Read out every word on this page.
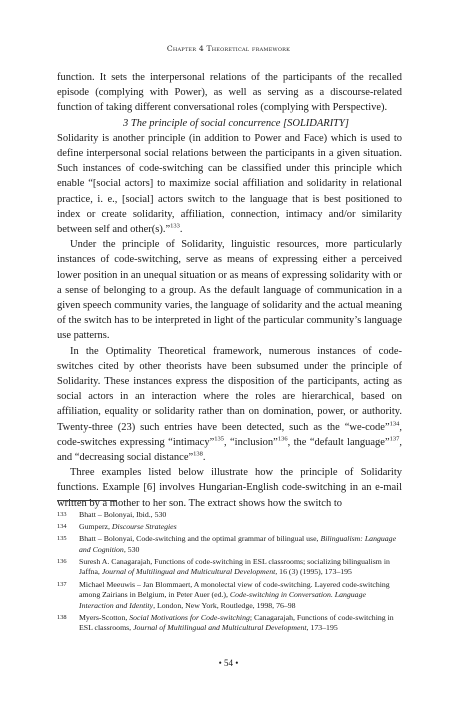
Chapter 4 Theoretical framework

function. It sets the interpersonal relations of the participants of the recalled episode (complying with Power), as well as serving as a discourse-related function of taking different conversational roles (complying with Perspective).

3 The principle of social concurrence [SOLIDARITY]

Solidarity is another principle (in addition to Power and Face) which is used to define interpersonal social relations between the participants in a given situation. Such instances of code-switching can be classified under this principle which enable “[social actors] to maximize social affiliation and solidarity in relational practice, i. e., [social] actors switch to the language that is best positioned to index or create solidarity, affiliation, connection, intimacy and/or similarity between self and other(s).”$^{133}$.

Under the principle of Solidarity, linguistic resources, more particularly instances of code-switching, serve as means of expressing either a perceived lower position in an unequal situation or as means of expressing solidarity with or a sense of belonging to a group. As the default language of communication in a given speech community varies, the language of solidarity and the actual meaning of the switch has to be interpreted in light of the particular community’s language use patterns.

In the Optimality Theoretical framework, numerous instances of code-switches cited by other theorists have been subsumed under the principle of Solidarity. These instances express the disposition of the participants, acting as social actors in an interaction where the roles are hierarchical, based on affiliation, equality or solidarity rather than on domination, power, or authority. Twenty-three (23) such entries have been detected, such as the “we-code”$^{134}$, code-switches expressing “intimacy”$^{135}$, “inclusion”$^{136}$, the “default language”$^{137}$, and “decreasing social distance”$^{138}$.

Three examples listed below illustrate how the principle of Solidarity functions. Example [6] involves Hungarian-English code-switching in an e-mail written by a mother to her son. The extract shows how the switch to

133 Bhatt – Bolonyai, Ibid., 530
134 Gumperz, Discourse Strategies
135 Bhatt – Bolonyai, Code-switching and the optimal grammar of bilingual use, Bilingualism: Language and Cognition, 530
136 Suresh A. Canagarajah, Functions of code-switching in ESL classrooms; socializing bilingualism in Jaffna, Journal of Multilingual and Multicultural Development, 16 (3) (1995), 173–195
137 Michael Meeuwis – Jan Blommaert, A monolectal view of code-switching. Layered code-switching among Zairians in Belgium, in Peter Auer (ed.), Code-switching in Conversation. Language Interaction and Identity, London, New York, Routledge, 1998, 76–98
138 Myers-Scotton, Social Motivations for Code-switching; Canagarajah, Functions of code-switching in ESL classrooms, Journal of Multilingual and Multicultural Development, 173–195
• 54 •
